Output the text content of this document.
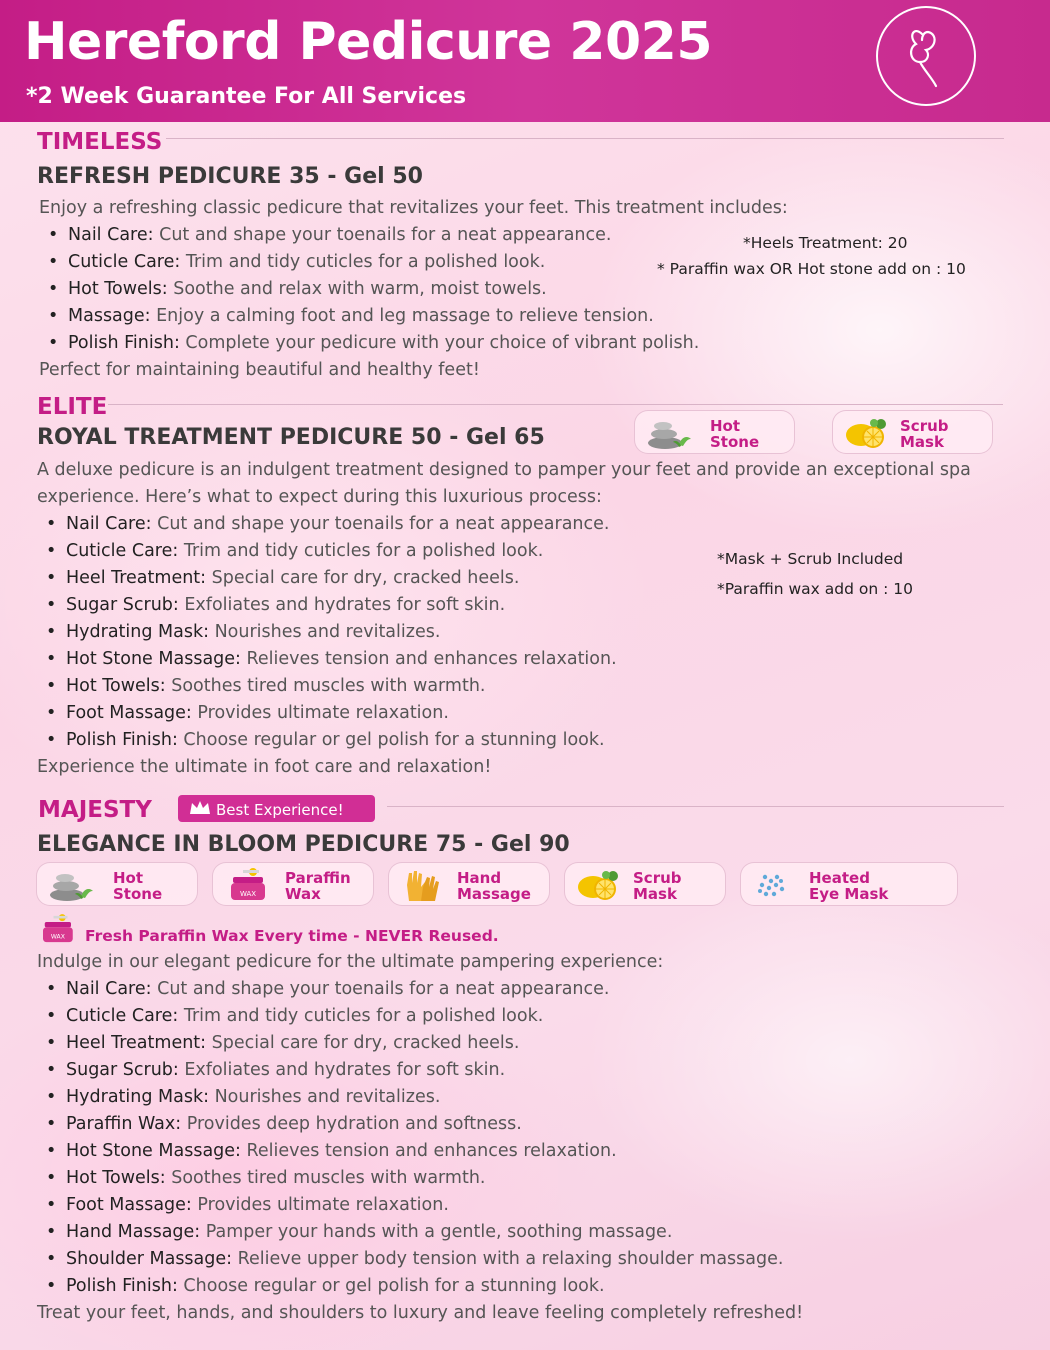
Hereford Pedicure 2025
*2 Week Guarantee For All Services
TIMELESS
REFRESH PEDICURE 35 - Gel 50
Enjoy a refreshing classic pedicure that revitalizes your feet. This treatment includes:
• Nail Care: Cut and shape your toenails for a neat appearance.
• Cuticle Care: Trim and tidy cuticles for a polished look.
• Hot Towels: Soothe and relax with warm, moist towels.
• Massage: Enjoy a calming foot and leg massage to relieve tension.
• Polish Finish: Complete your pedicure with your choice of vibrant polish.
Perfect for maintaining beautiful and healthy feet!
*Heels Treatment: 20
* Paraffin wax OR Hot stone add on : 10
ELITE
ROYAL TREATMENT PEDICURE 50 - Gel 65	Hot
Stone
Scrub
Mask
A deluxe pedicure is an indulgent treatment designed to pamper your feet and provide an exceptional spa experience. Here’s what to expect during this luxurious process:
• Nail Care: Cut and shape your toenails for a neat appearance.
• Cuticle Care: Trim and tidy cuticles for a polished look.
• Heel Treatment: Special care for dry, cracked heels.
• Sugar Scrub: Exfoliates and hydrates for soft skin.
• Hydrating Mask: Nourishes and revitalizes.
• Hot Stone Massage: Relieves tension and enhances relaxation.
• Hot Towels: Soothes tired muscles with warmth.
• Foot Massage: Provides ultimate relaxation.
• Polish Finish: Choose regular or gel polish for a stunning look.
Experience the ultimate in foot care and relaxation!
*Mask + Scrub Included
*Paraffin wax add on : 10
MAJESTY	Best Experience!
ELEGANCE IN BLOOM PEDICURE 75 - Gel 90
Hot
Stone	WAX
Paraffin
Wax
Hand
Massage
Scrub
Mask
Heated
Eye Mask
WAX Fresh Paraffin Wax Every time - NEVER Reused.
Indulge in our elegant pedicure for the ultimate pampering experience:
• Nail Care: Cut and shape your toenails for a neat appearance.
• Cuticle Care: Trim and tidy cuticles for a polished look.
• Heel Treatment: Special care for dry, cracked heels.
• Sugar Scrub: Exfoliates and hydrates for soft skin.
• Hydrating Mask: Nourishes and revitalizes.
• Paraffin Wax: Provides deep hydration and softness.
• Hot Stone Massage: Relieves tension and enhances relaxation.
• Hot Towels: Soothes tired muscles with warmth.
• Foot Massage: Provides ultimate relaxation.
• Hand Massage: Pamper your hands with a gentle, soothing massage.
• Shoulder Massage: Relieve upper body tension with a relaxing shoulder massage.
• Polish Finish: Choose regular or gel polish for a stunning look.
Treat your feet, hands, and shoulders to luxury and leave feeling completely refreshed!
